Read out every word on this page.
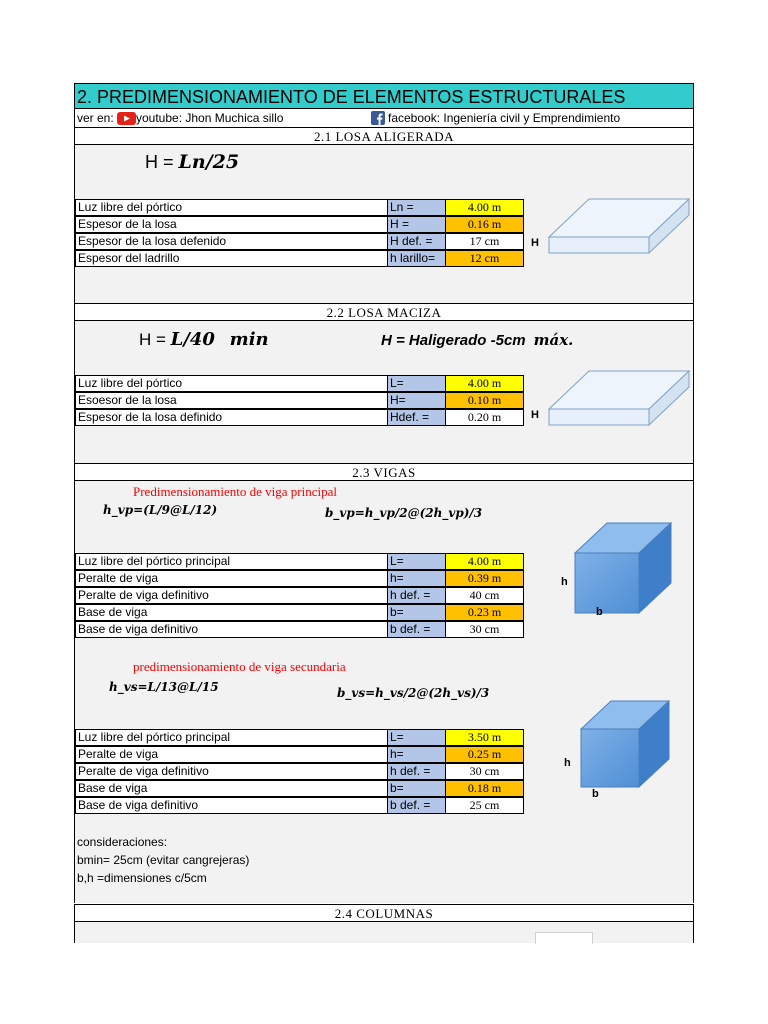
2. PREDIMENSIONAMIENTO DE ELEMENTOS ESTRUCTURALES
ver en: youtube: Jhon Muchica sillo	facebook: Ingeniería civil y Emprendimiento
2.1 LOSA ALIGERADA
H = Ln/25
Luz libre del pórtico	Ln =	4.00 m
Espesor de la losa	H =	0.16 m
Espesor de la losa defenido	H def. =	17 cm
Espesor del ladrillo	h larillo=	12 cm
H
2.2 LOSA MACIZA
H = L/40 min	H = Haligerado -5cm máx.
Luz libre del pórtico	L=	4.00 m
Esoesor de la losa	H=	0.10 m
Espesor de la losa definido	Hdef. =	0.20 m	H
2.3 VIGAS
Predimensionamiento de viga principal
h_vp=(L/9@L/12)	b_vp=h_vp/2@(2h_vp)/3
Luz libre del pórtico principal	L=	4.00 m
Peralte de viga	h=	0.39 m
Peralte de viga definitivo	h def. =	40 cm
Base de viga	b=	0.23 m
Base de viga definitivo	b def. =	30 cm
h
b
predimensionamiento de viga secundaria
h_vs=L/13@L/15	b_vs=h_vs/2@(2h_vs)/3
Luz libre del pórtico principal	L=	3.50 m
Peralte de viga	h=	0.25 m
Peralte de viga definitivo	h def. =	30 cm
Base de viga	b=	0.18 m
Base de viga definitivo	b def. =	25 cm
h
b
consideraciones:
bmin= 25cm (evitar cangrejeras)
b,h =dimensiones c/5cm
2.4 COLUMNAS
